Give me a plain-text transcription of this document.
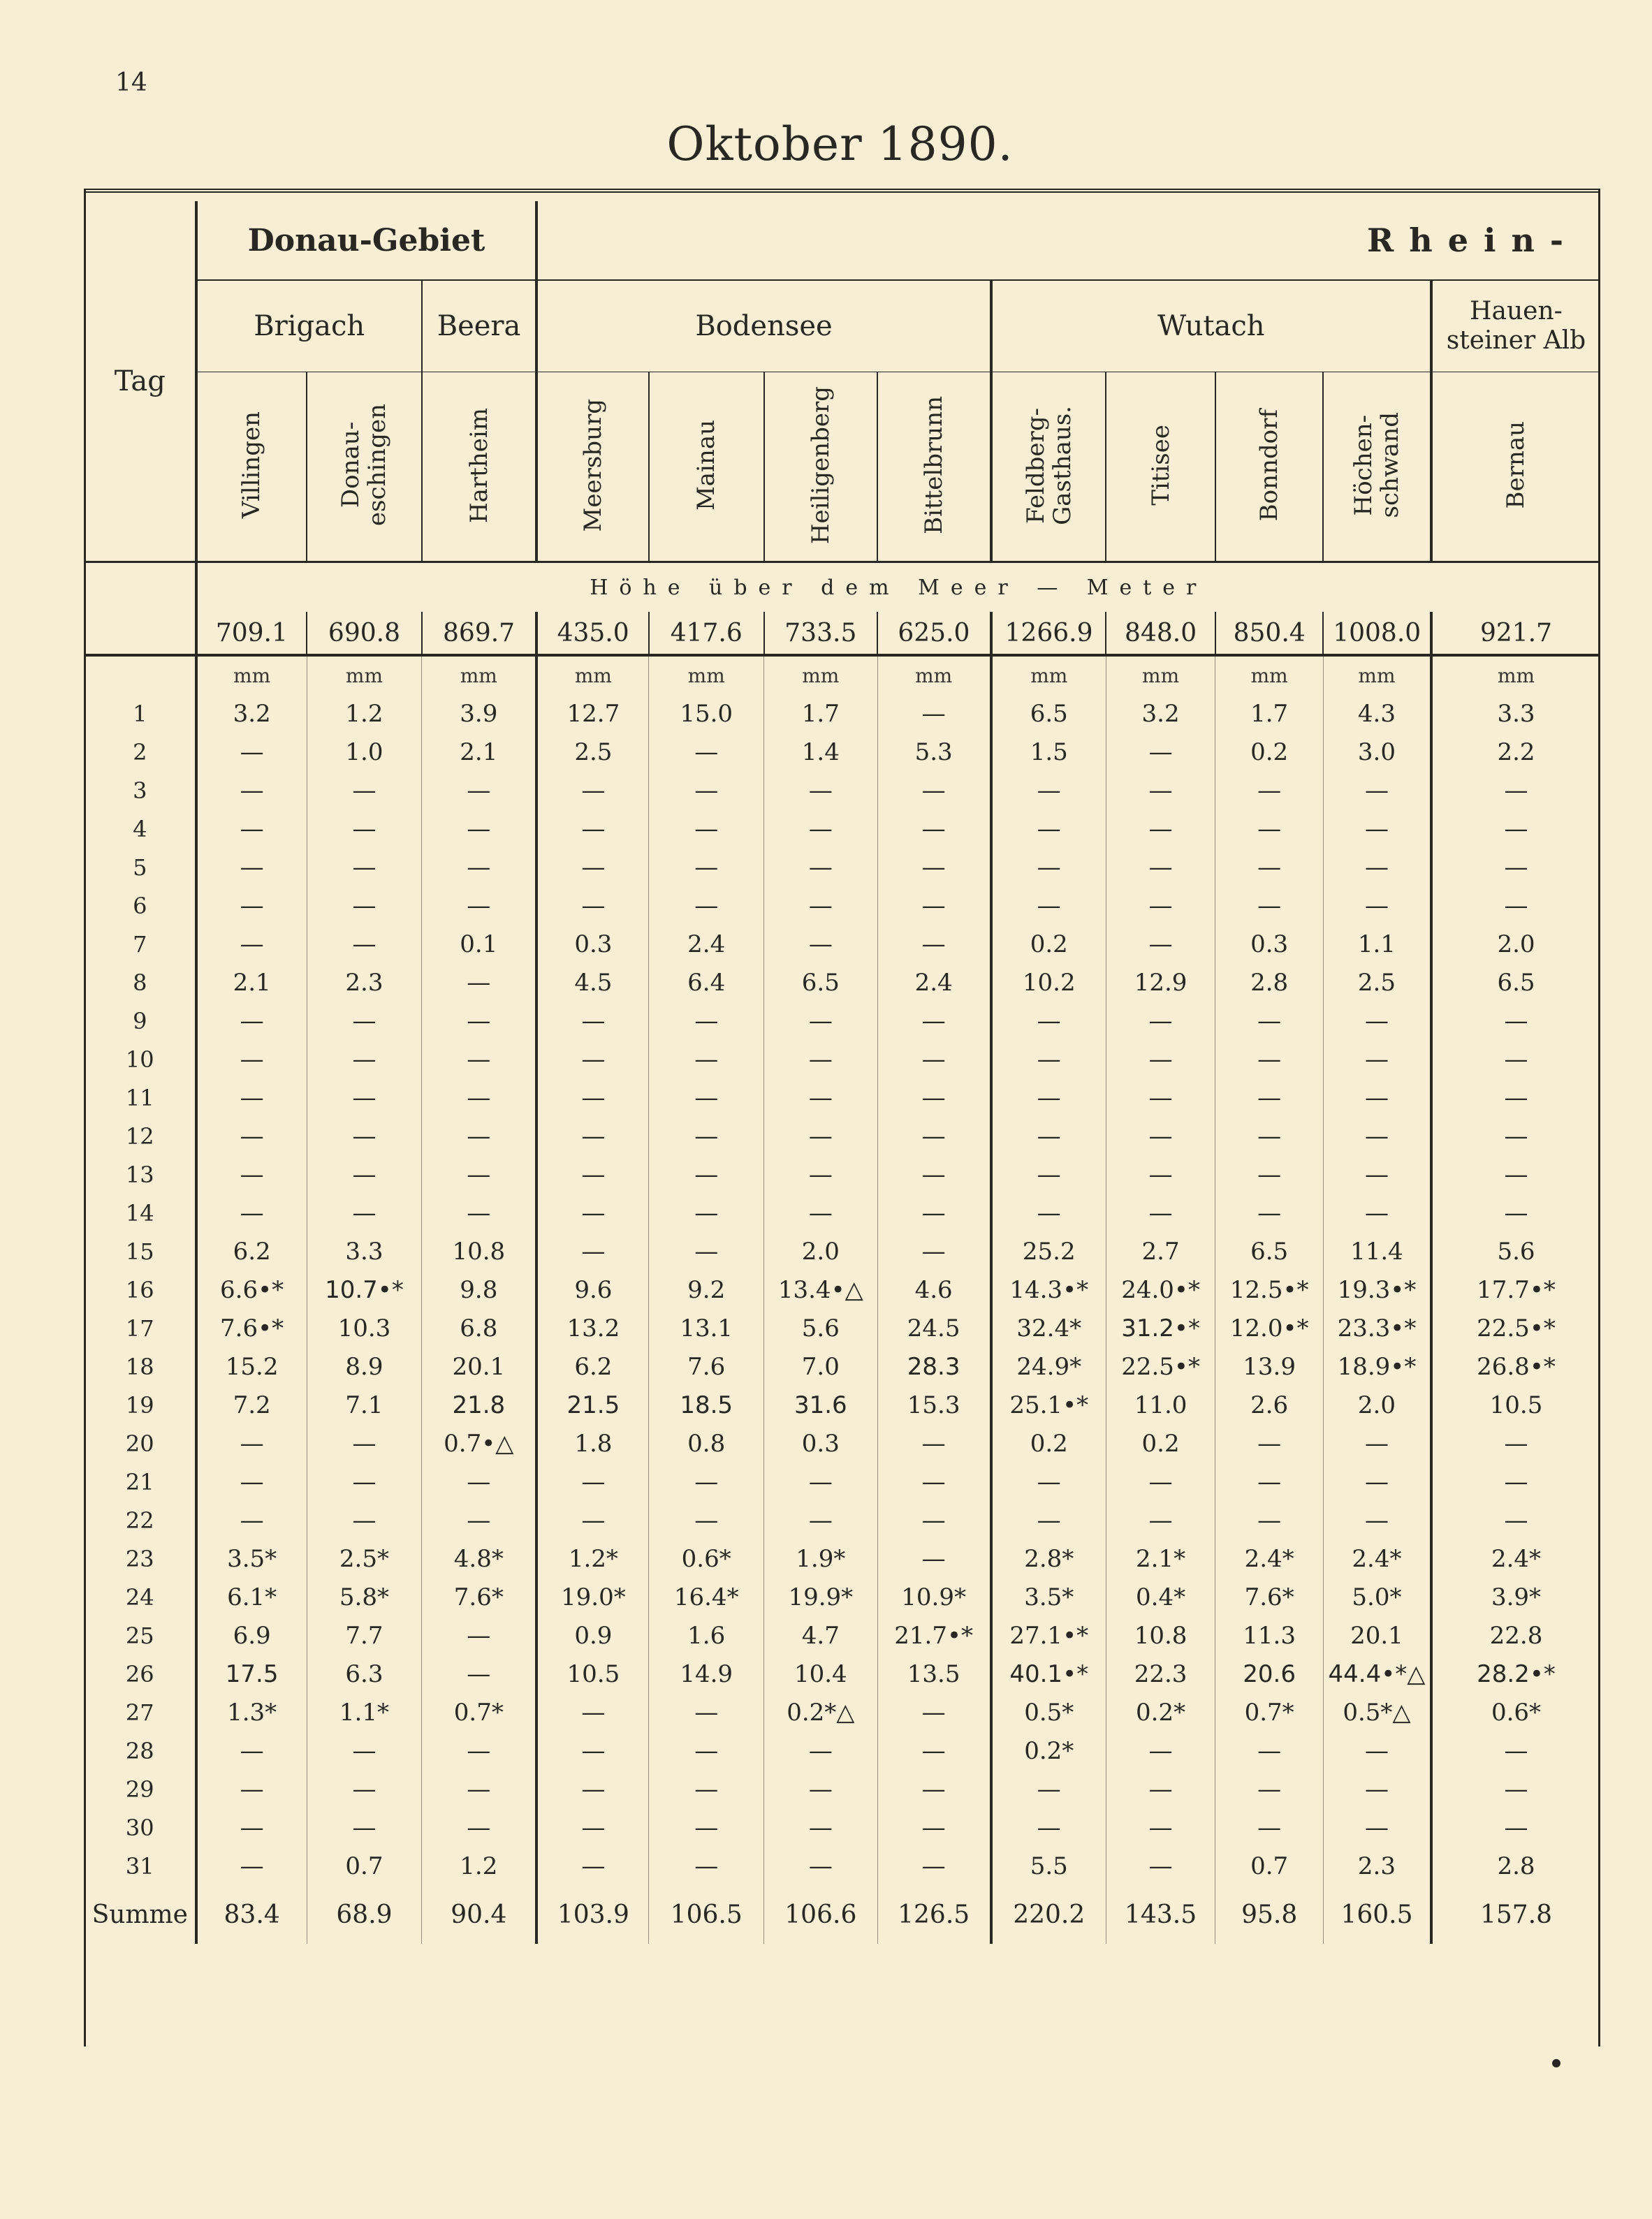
14
Oktober 1890.

Tag	Donau-Gebiet			Rhein-								
	Brigach		Beera	Bodensee				Wutach				Hauen-
steiner Alb
	Villingen	Donau-
eschingen	Hartheim	Meersburg	Mainau	Heiligenberg	Bittelbrunn	Feldberg-
Gasthaus.	Titisee	Bonndorf	Höchen-
schwand	Bernau
	Höhe über dem Meer — Meter											
	709.1	690.8	869.7	435.0	417.6	733.5	625.0	1266.9	848.0	850.4	1008.0	921.7
	mm	mm	mm	mm	mm	mm	mm	mm	mm	mm	mm	mm
1	3.2	1.2	3.9	12.7	15.0	1.7	—	6.5	3.2	1.7	4.3	3.3
2	—	1.0	2.1	2.5	—	1.4	5.3	1.5	—	0.2	3.0	2.2
3	—	—	—	—	—	—	—	—	—	—	—	—
4	—	—	—	—	—	—	—	—	—	—	—	—
5	—	—	—	—	—	—	—	—	—	—	—	—
6	—	—	—	—	—	—	—	—	—	—	—	—
7	—	—	0.1	0.3	2.4	—	—	0.2	—	0.3	1.1	2.0
8	2.1	2.3	—	4.5	6.4	6.5	2.4	10.2	12.9	2.8	2.5	6.5
9	—	—	—	—	—	—	—	—	—	—	—	—
10	—	—	—	—	—	—	—	—	—	—	—	—
11	—	—	—	—	—	—	—	—	—	—	—	—
12	—	—	—	—	—	—	—	—	—	—	—	—
13	—	—	—	—	—	—	—	—	—	—	—	—
14	—	—	—	—	—	—	—	—	—	—	—	—
15	6.2	3.3	10.8	—	—	2.0	—	25.2	2.7	6.5	11.4	5.6
16	6.6•*	10.7•*	9.8	9.6	9.2	13.4•△	4.6	14.3•*	24.0•*	12.5•*	19.3•*	17.7•*
17	7.6•*	10.3	6.8	13.2	13.1	5.6	24.5	32.4*	31.2•*	12.0•*	23.3•*	22.5•*
18	15.2	8.9	20.1	6.2	7.6	7.0	28.3	24.9*	22.5•*	13.9	18.9•*	26.8•*
19	7.2	7.1	21.8	21.5	18.5	31.6	15.3	25.1•*	11.0	2.6	2.0	10.5
20	—	—	0.7•△	1.8	0.8	0.3	—	0.2	0.2	—	—	—
21	—	—	—	—	—	—	—	—	—	—	—	—
22	—	—	—	—	—	—	—	—	—	—	—	—
23	3.5*	2.5*	4.8*	1.2*	0.6*	1.9*	—	2.8*	2.1*	2.4*	2.4*	2.4*
24	6.1*	5.8*	7.6*	19.0*	16.4*	19.9*	10.9*	3.5*	0.4*	7.6*	5.0*	3.9*
25	6.9	7.7	—	0.9	1.6	4.7	21.7•*	27.1•*	10.8	11.3	20.1	22.8
26	17.5	6.3	—	10.5	14.9	10.4	13.5	40.1•*	22.3	20.6	44.4•*△	28.2•*
27	1.3*	1.1*	0.7*	—	—	0.2*△	—	0.5*	0.2*	0.7*	0.5*△	0.6*
28	—	—	—	—	—	—	—	0.2*	—	—	—	—
29	—	—	—	—	—	—	—	—	—	—	—	—
30	—	—	—	—	—	—	—	—	—	—	—	—
31	—	0.7	1.2	—	—	—	—	5.5	—	0.7	2.3	2.8
Summe	83.4	68.9	90.4	103.9	106.5	106.6	126.5	220.2	143.5	95.8	160.5	157.8
